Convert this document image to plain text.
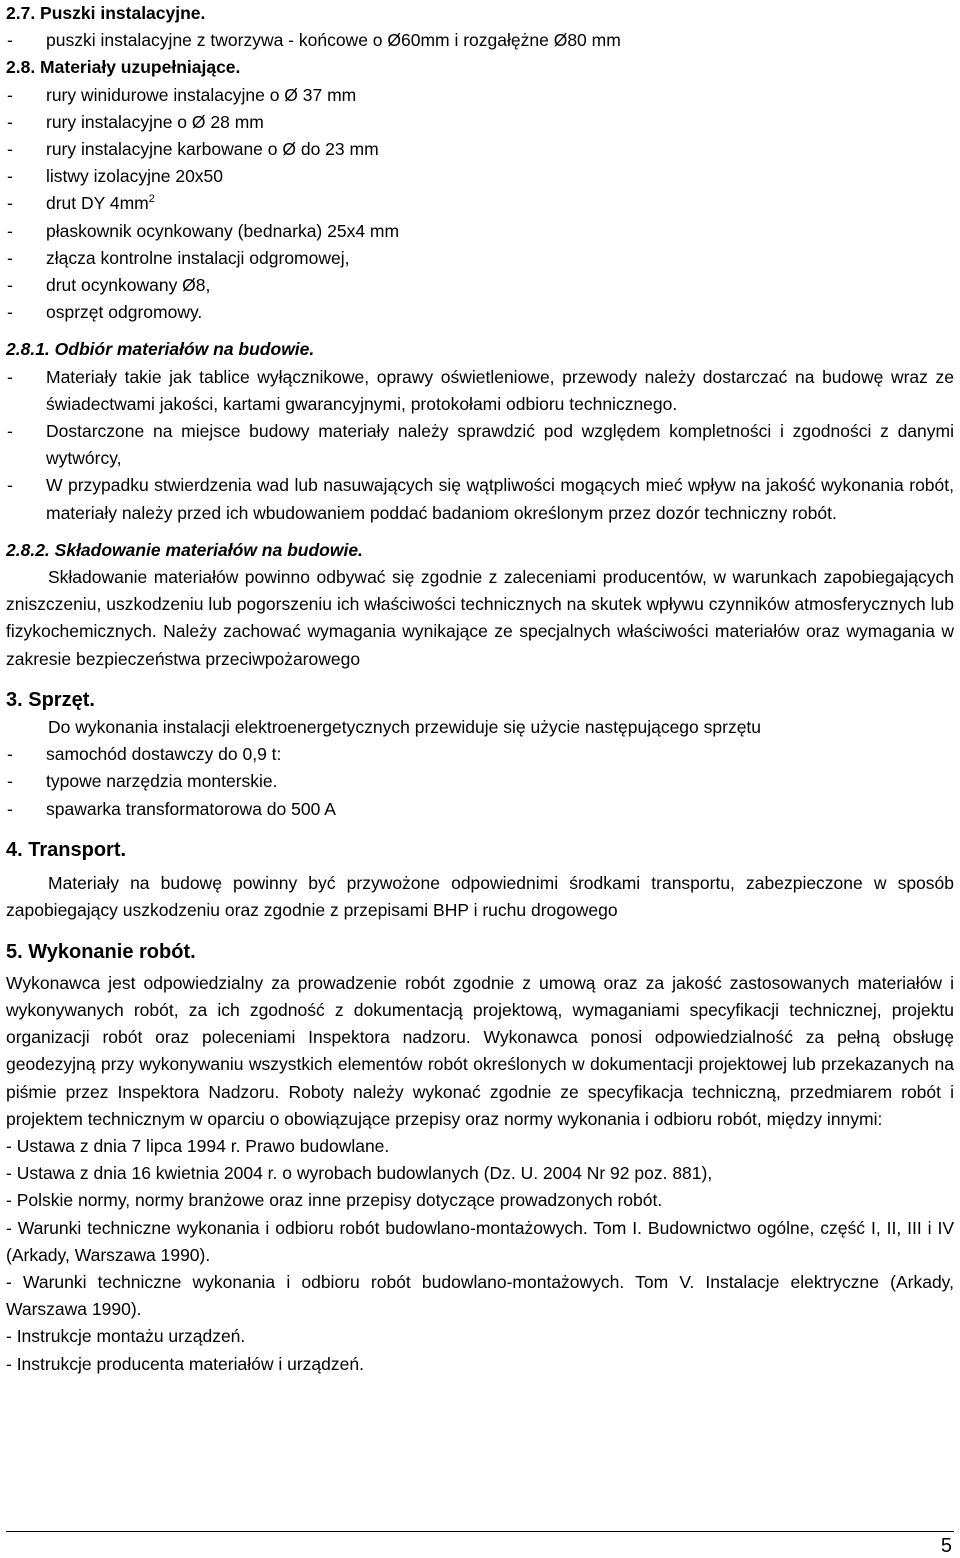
2.7. Puszki instalacyjne.
-	puszki instalacyjne z tworzywa - końcowe o Ø60mm i rozgałężne Ø80 mm
2.8. Materiały uzupełniające.
-	rury winidurowe instalacyjne o Ø 37 mm
-	rury instalacyjne o Ø 28 mm
-	rury instalacyjne karbowane o Ø do 23 mm
-	listwy izolacyjne 20x50
-	drut DY $4mm^2$
-	płaskownik ocynkowany (bednarka) 25x4 mm
-	złącza kontrolne instalacji odgromowej,
-	drut ocynkowany Ø8,
-	osprzęt odgromowy.
2.8.1. Odbiór materiałów na budowie.
-	Materiały takie jak tablice wyłącznikowe, oprawy oświetleniowe, przewody należy dostarczać na budowę wraz ze świadectwami jakości, kartami gwarancyjnymi, protokołami odbioru technicznego.
-	Dostarczone na miejsce budowy materiały należy sprawdzić pod względem kompletności i zgodności z danymi wytwórcy,
-	W przypadku stwierdzenia wad lub nasuwających się wątpliwości mogących mieć wpływ na jakość wykonania robót, materiały należy przed ich wbudowaniem poddać badaniom określonym przez dozór techniczny robót.
2.8.2. Składowanie materiałów na budowie.
Składowanie materiałów powinno odbywać się zgodnie z zaleceniami producentów, w warunkach zapobiegających zniszczeniu, uszkodzeniu lub pogorszeniu ich właściwości technicznych na skutek wpływu czynników atmosferycznych lub fizykochemicznych. Należy zachować wymagania wynikające ze specjalnych właściwości materiałów oraz wymagania w zakresie bezpieczeństwa przeciwpożarowego
3. Sprzęt.
Do wykonania instalacji elektroenergetycznych przewiduje się użycie następującego sprzętu
-	samochód dostawczy do 0,9 t:
-	typowe narzędzia monterskie.
-	spawarka transformatorowa do 500 A
4. Transport.
Materiały na budowę powinny być przywożone odpowiednimi środkami transportu, zabezpieczone w sposób zapobiegający uszkodzeniu oraz zgodnie z przepisami BHP i ruchu drogowego
5. Wykonanie robót.
Wykonawca jest odpowiedzialny za prowadzenie robót zgodnie z umową oraz za jakość zastosowanych materiałów i wykonywanych robót, za ich zgodność z dokumentacją projektową, wymaganiami specyfikacji technicznej, projektu organizacji robót oraz poleceniami Inspektora nadzoru. Wykonawca ponosi odpowiedzialność za pełną obsługę geodezyjną przy wykonywaniu wszystkich elementów robót określonych w dokumentacji projektowej lub przekazanych na piśmie przez Inspektora Nadzoru. Roboty należy wykonać zgodnie ze specyfikacja techniczną, przedmiarem robót i projektem technicznym w oparciu o obowiązujące przepisy oraz normy wykonania i odbioru robót, między innymi:
- Ustawa z dnia 7 lipca 1994 r. Prawo budowlane.
- Ustawa z dnia 16 kwietnia 2004 r. o wyrobach budowlanych (Dz. U. 2004 Nr 92 poz. 881),
- Polskie normy, normy branżowe oraz inne przepisy dotyczące prowadzonych robót.
- Warunki techniczne wykonania i odbioru robót budowlano-montażowych. Tom I. Budownictwo ogólne, część I, II, III i IV (Arkady, Warszawa 1990).
- Warunki techniczne wykonania i odbioru robót budowlano-montażowych. Tom V. Instalacje elektryczne (Arkady, Warszawa 1990).
- Instrukcje montażu urządzeń.
- Instrukcje producenta materiałów i urządzeń.
5
